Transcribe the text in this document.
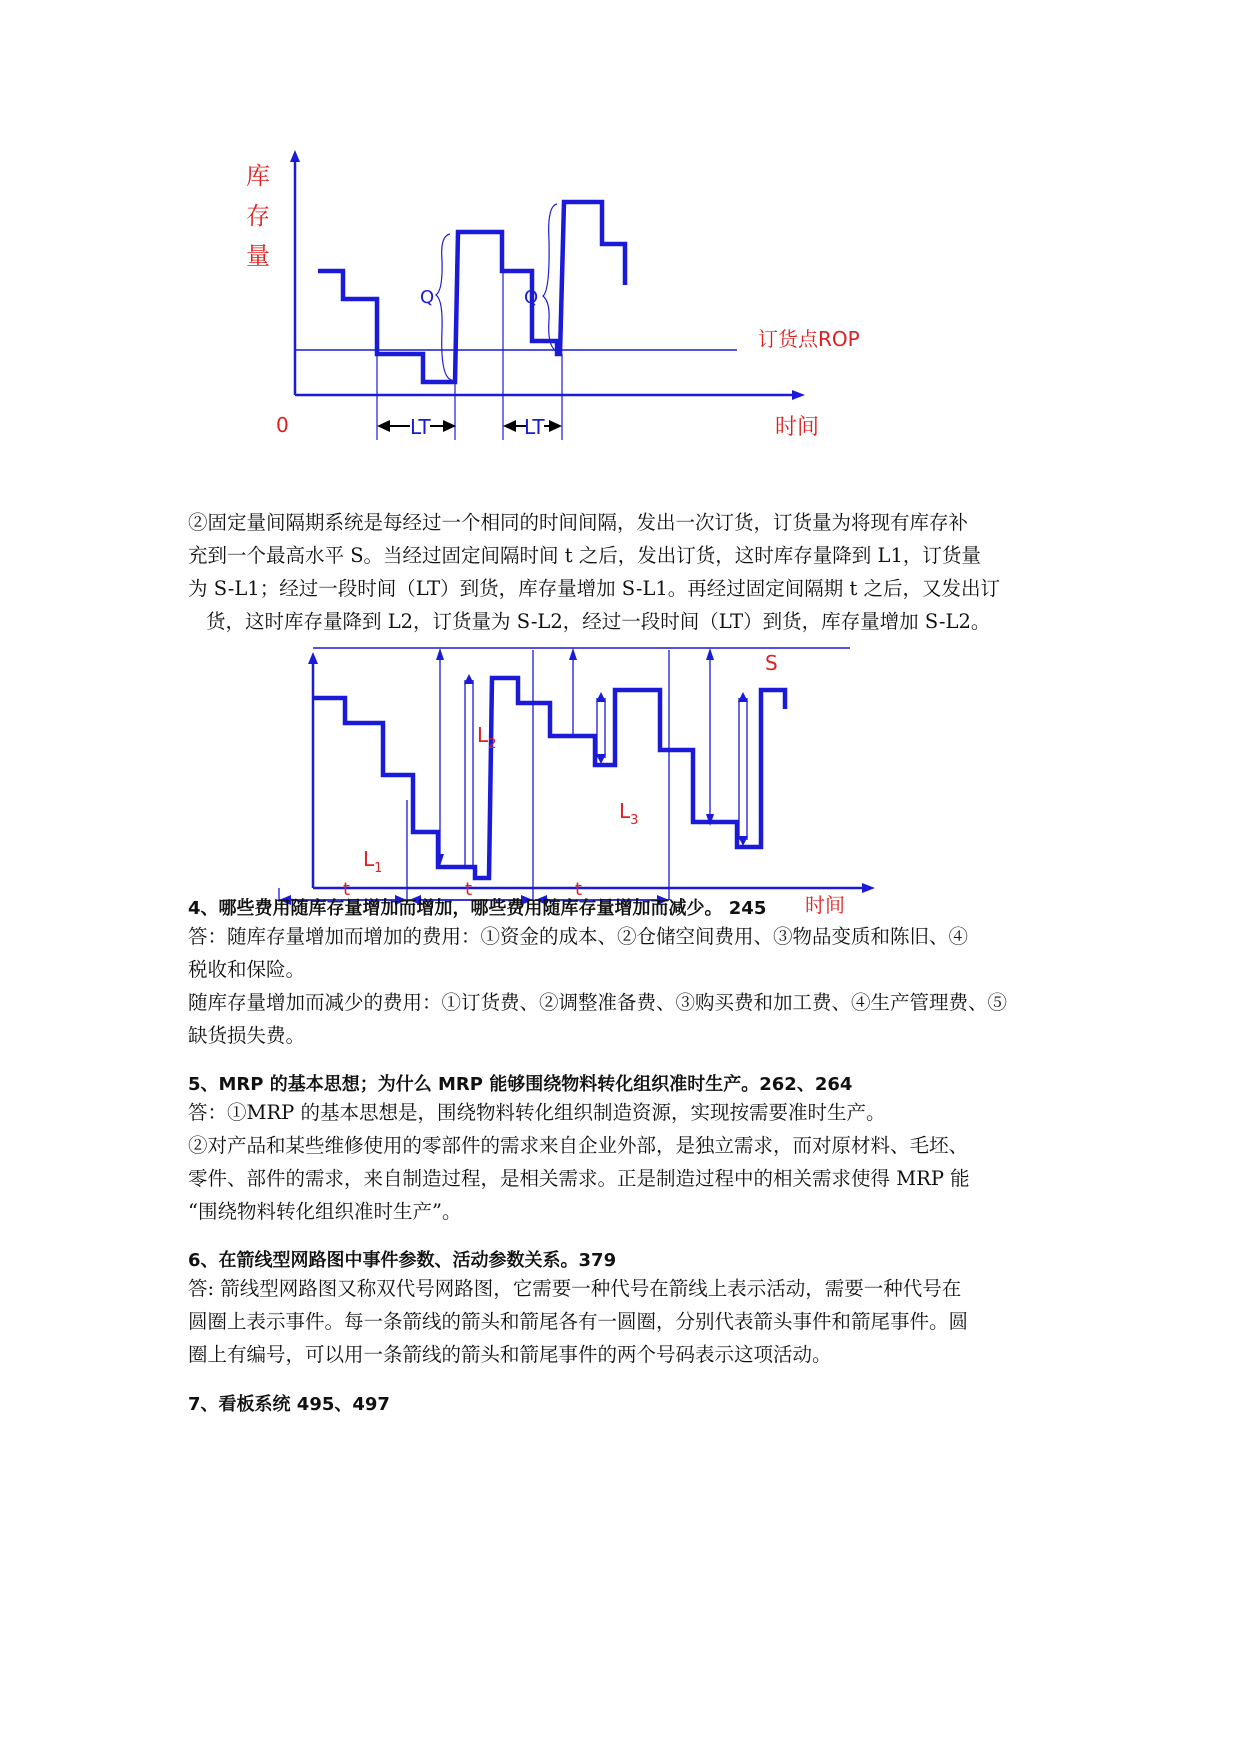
Q	Q
LT	LT
库
存
量
0
订货点ROP
时间
②固定量间隔期系统是每经过一个相同的时间间隔，发出一次订货，订货量为将现有库存补
充到一个最高水平 S。当经过固定间隔时间 t 之后，发出订货，这时库存量降到 L1，订货量
为 S-L1；经过一段时间（LT）到货，库存量增加 S-L1。再经过固定间隔期 t 之后，又发出订
货，这时库存量降到 L2，订货量为 S-L2，经过一段时间（LT）到货，库存量增加 S-L2。
t	t	t
$L_1$
$L_2$
$L_3$
S
时间

4、哪些费用随库存量增加而增加，哪些费用随库存量增加而减少。 245

答：随库存量增加而增加的费用：①资金的成本、②仓储空间费用、③物品变质和陈旧、④
税收和保险。
随库存量增加而减少的费用：①订货费、②调整准备费、③购买费和加工费、④生产管理费、⑤
缺货损失费。

5、MRP 的基本思想；为什么 MRP 能够围绕物料转化组织准时生产。262、264

答：①MRP 的基本思想是，围绕物料转化组织制造资源，实现按需要准时生产。
②对产品和某些维修使用的零部件的需求来自企业外部，是独立需求，而对原材料、毛坯、
零件、部件的需求，来自制造过程，是相关需求。正是制造过程中的相关需求使得 MRP 能
“围绕物料转化组织准时生产”。

6、在箭线型网路图中事件参数、活动参数关系。379

答: 箭线型网路图又称双代号网路图，它需要一种代号在箭线上表示活动，需要一种代号在
圆圈上表示事件。每一条箭线的箭头和箭尾各有一圆圈，分别代表箭头事件和箭尾事件。圆
圈上有编号，可以用一条箭线的箭头和箭尾事件的两个号码表示这项活动。

7、看板系统 495、497
